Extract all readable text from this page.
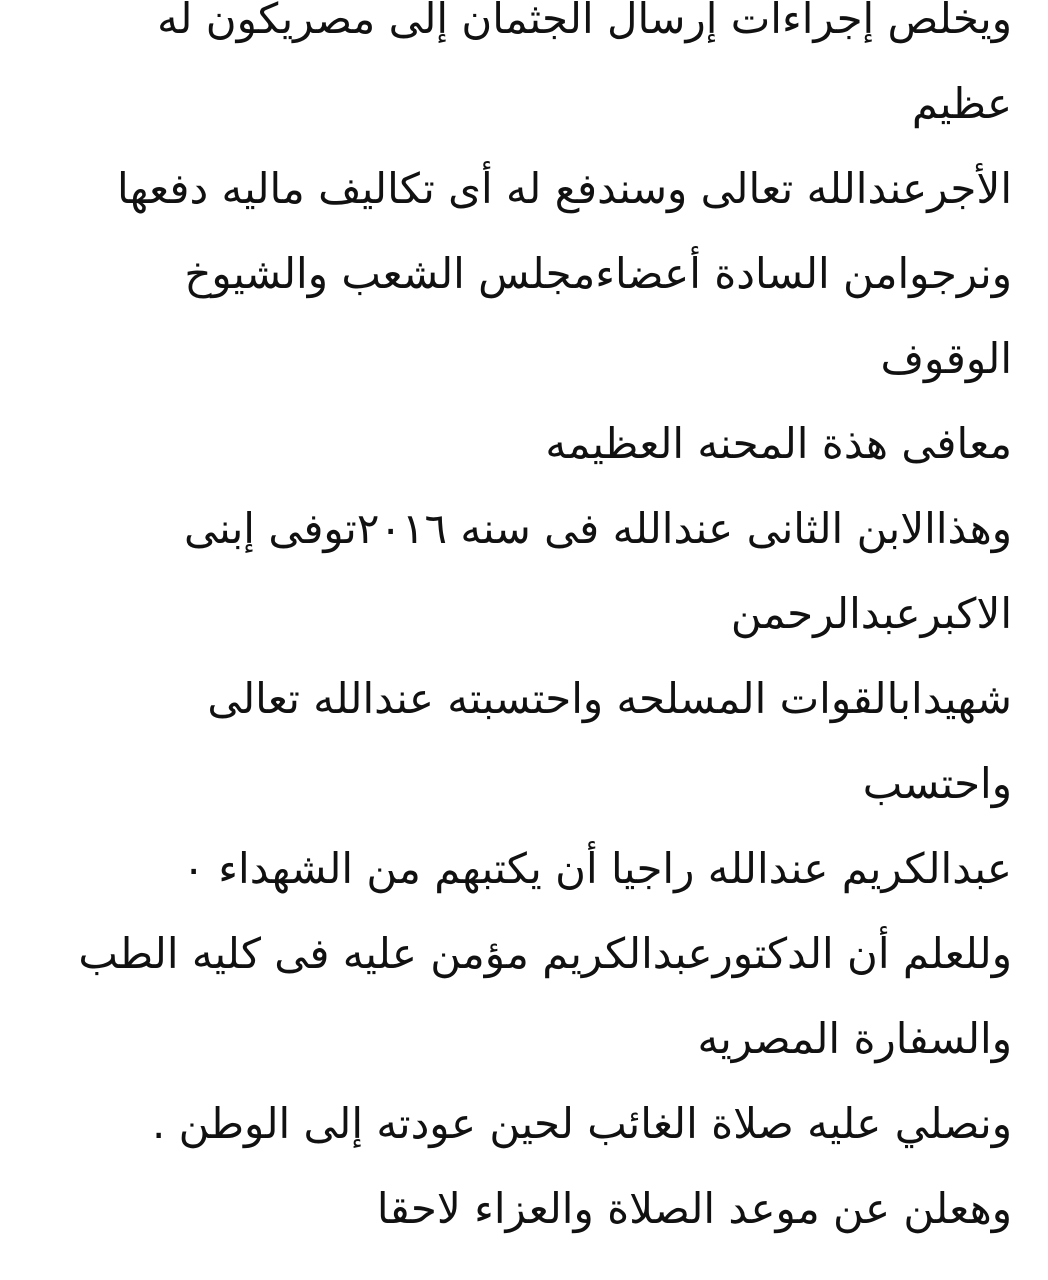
ويخلص إجراءات إرسال الجثمان إلى مصريكون له
عظيم
الأجرعندالله تعالى وسندفع له أى تكاليف ماليه دفعها
ونرجوامن السادة أعضاءمجلس الشعب والشيوخ
الوقوف
معافى هذة المحنه العظيمه
وهذاالابن الثانى عندالله فى سنه ٢٠١٦توفى إبنى
الاكبرعبدالرحمن
شهيدابالقوات المسلحه واحتسبته عندالله تعالى
واحتسب
عبدالكريم عندالله راجيا أن يكتبهم من الشهداء ٠
وللعلم أن الدكتورعبدالكريم مؤمن عليه فى كليه الطب
والسفارة المصريه
ونصلي عليه صلاة الغائب لحين عودته إلى الوطن .
وهعلن عن موعد الصلاة والعزاء لاحقا
